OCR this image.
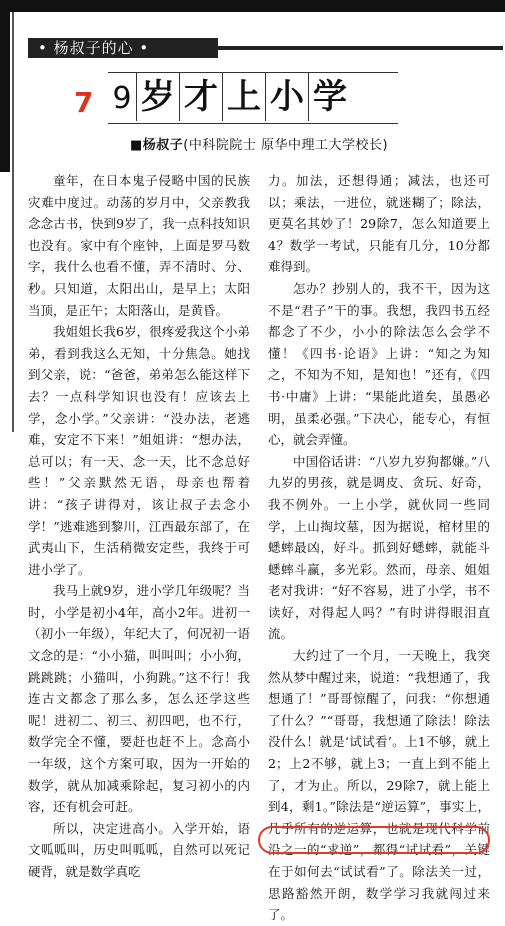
• 杨叔子的心 •
7 9 岁 才 上 小 学
■杨叔子(中科院院士 原华中理工大学校长)

童年，在日本鬼子侵略中国的民族灾难中度过。动荡的岁月中，父亲教我念念古书，快到9岁了，我一点科技知识也没有。家中有个座钟，上面是罗马数字，我什么也看不懂，弄不清时、分、秒。只知道，太阳出山，是早上；太阳当顶，是正午；太阳落山，是黄昏。

我姐姐长我6岁，很疼爱我这个小弟弟，看到我这么无知，十分焦急。她找到父亲，说：“爸爸，弟弟怎么能这样下去？一点科学知识也没有！应该去上学，念小学。”父亲讲：“没办法，老逃难，安定不下来！”姐姐讲：“想办法，总可以；有一天、念一天，比不念总好些！”父亲默然无语，母亲也帮着讲：“孩子讲得对，该让叔子去念小学！”逃难逃到黎川，江西最东部了，在武夷山下，生活稍微安定些，我终于可进小学了。

我马上就9岁，进小学几年级呢？当时，小学是初小4年，高小2年。进初一（初小一年级），年纪大了，何况初一语文念的是：“小小猫，叫叫叫；小小狗，跳跳跳；小猫叫，小狗跳。”这不行！我连古文都念了那么多，怎么还学这些呢！进初二、初三、初四吧，也不行，数学完全不懂，要赶也赶不上。念高小一年级，这个方案可取，因为一开始的数学，就从加减乘除起，复习初小的内容，还有机会可赶。

所以，决定进高小。入学开始，语文呱呱叫，历史叫呱呱，自然可以死记硬背，就是数学真吃

力。加法，还想得通；减法，也还可以；乘法，一进位，就迷糊了；除法，更莫名其妙了！29除7，怎么知道要上4？数学一考试，只能有几分，10分都难得到。

怎办？抄别人的，我不干，因为这不是“君子”干的事。我想，我四书五经都念了不少，小小的除法怎么会学不懂！《四书·论语》上讲：“知之为知之，不知为不知，是知也！”还有，《四书·中庸》上讲：“果能此道矣，虽愚必明，虽柔必强。”下决心，能专心，有恒心，就会弄懂。

中国俗话讲：“八岁九岁狗都嫌。”八九岁的男孩，就是调皮、贪玩、好奇，我不例外。一上小学，就伙同一些同学，上山掏坟墓，因为据说，棺材里的蟋蟀最凶，好斗。抓到好蟋蟀，就能斗蟋蟀斗赢，多光彩。然而，母亲、姐姐老对我讲：“好不容易，进了小学，书不读好，对得起人吗？”有时讲得眼泪直流。

大约过了一个月，一天晚上，我突然从梦中醒过来，说道：“我想通了，我想通了！”哥哥惊醒了，问我：“你想通了什么？”“哥哥，我想通了除法！除法没什么！就是‘试试看’。上1不够，就上2；上2不够，就上3；一直上到不能上了，才为止。所以，29除7，就上能上到4，剩1。”除法是“逆运算”，事实上，几乎所有的逆运算，也就是现代科学前沿之一的“求逆”，都得“试试看”，关键在于如何去“试试看”了。除法关一过，思路豁然开朗，数学学习我就闯过来了。
